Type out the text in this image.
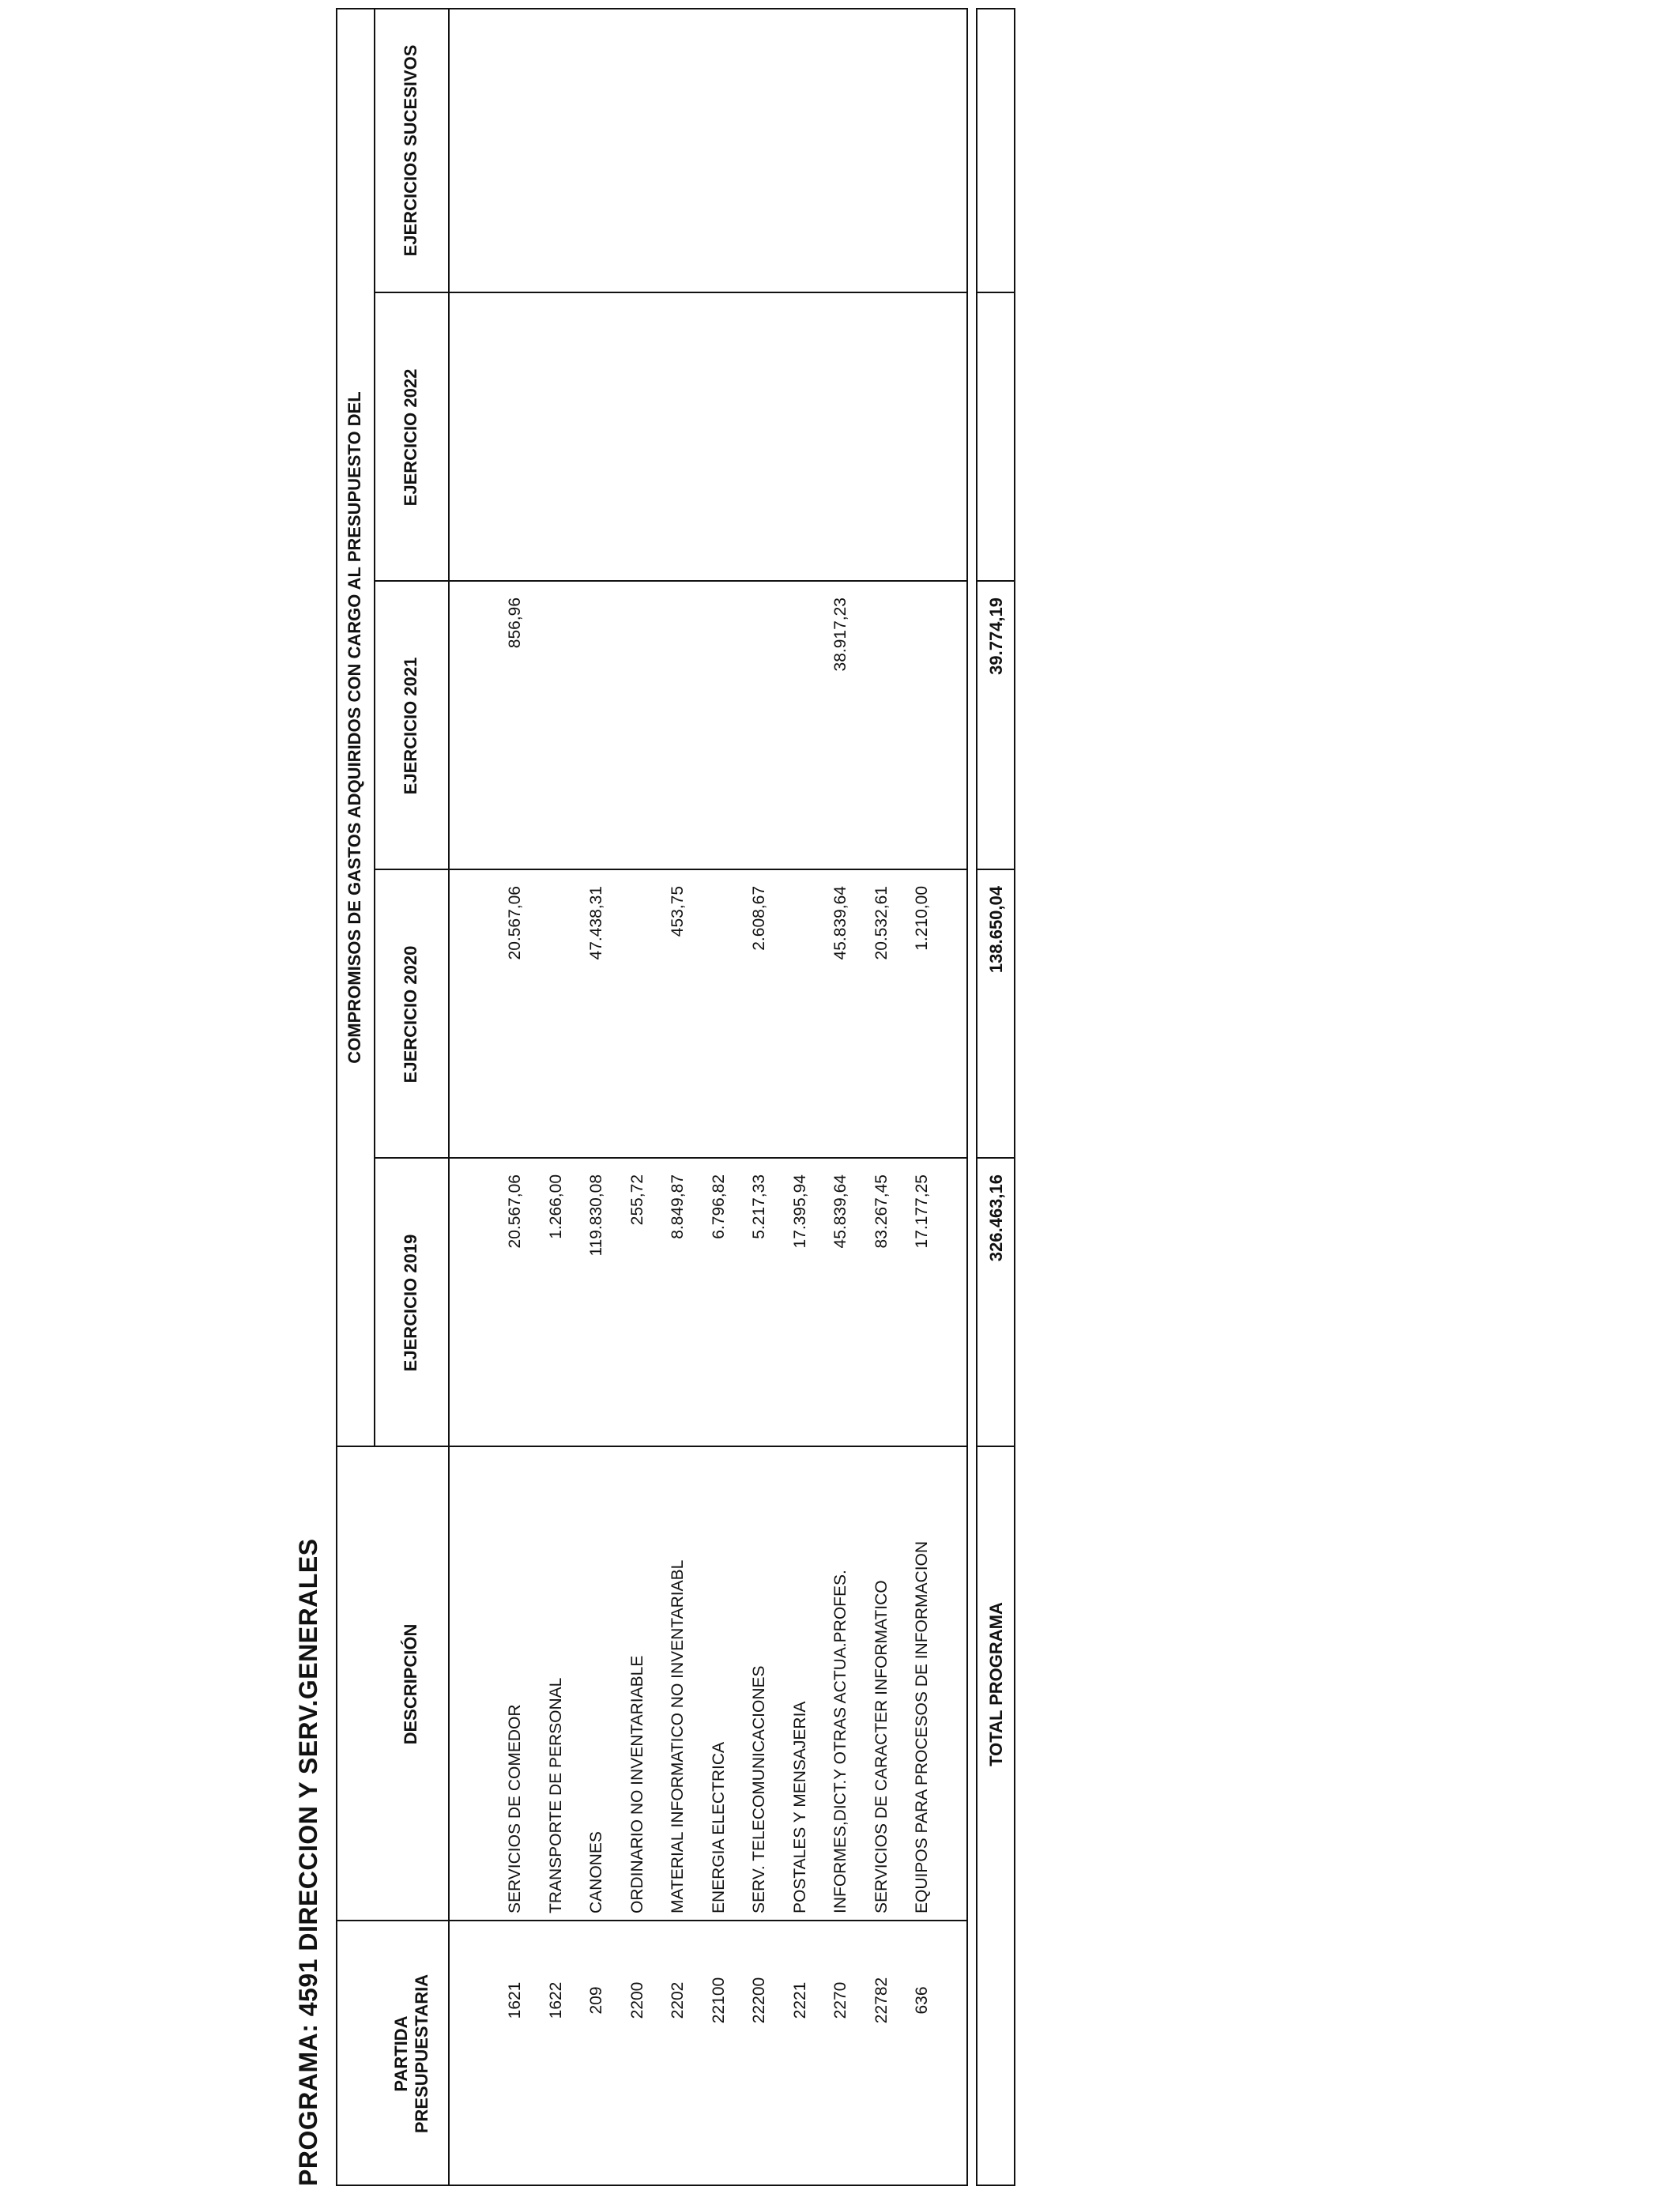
PROGRAMA: 4591 DIRECCION Y SERV.GENERALES	PARTIDA PRESUPUESTARIA
DESCRIPCIÓN
COMPROMISOS DE GASTOS ADQUIRIDOS CON CARGO AL PRESUPUESTO DEL
EJERCICIO 2019
EJERCICIO 2020
EJERCICIO 2021
EJERCICIO 2022
EJERCICIOS SUCESIVOS
1621
SERVICIOS DE COMEDOR
20.567,06
20.567,06
856,96
1622
TRANSPORTE DE PERSONAL
1.266,00
209
CANONES
119.830,08
47.438,31
2200
ORDINARIO NO INVENTARIABLE
255,72
2202
MATERIAL INFORMATICO NO INVENTARIABL
8.849,87
453,75
22100
ENERGIA ELECTRICA
6.796,82
22200
SERV. TELECOMUNICACIONES
5.217,33
2.608,67
2221
POSTALES Y MENSAJERIA
17.395,94
2270
INFORMES,DICT.Y OTRAS ACTUA.PROFES.
45.839,64
45.839,64
38.917,23
22782
SERVICIOS DE CARACTER INFORMATICO
83.267,45
20.532,61
636
EQUIPOS PARA PROCESOS DE INFORMACION
17.177,25
1.210,00
TOTAL PROGRAMA
326.463,16
138.650,04
39.774,19
